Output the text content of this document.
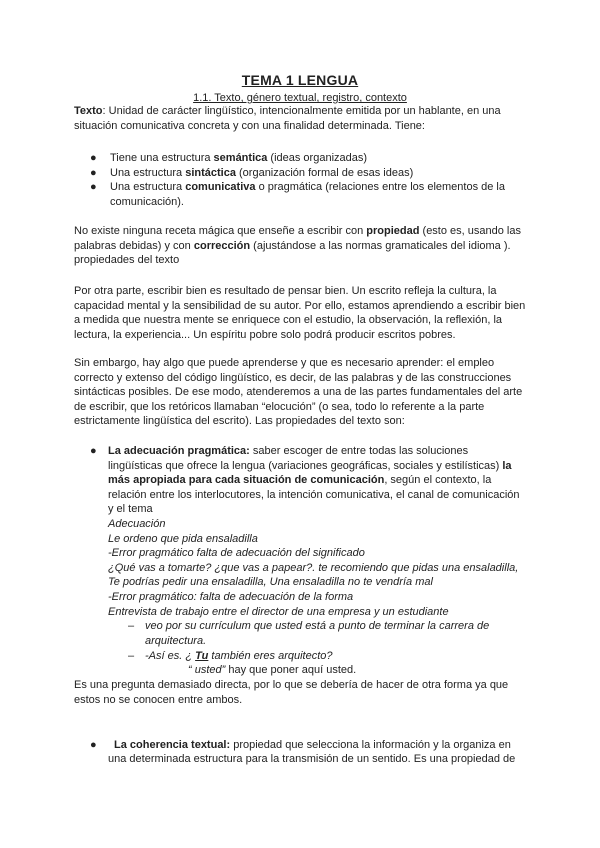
TEMA 1 LENGUA
1.1. Texto, género textual, registro, contexto
Texto: Unidad de carácter lingüístico, intencionalmente emitida por un hablante, en una
situación comunicativa concreta y con una finalidad determinada. Tiene:
● Tiene una estructura semántica (ideas organizadas)
● Una estructura sintáctica (organización formal de esas ideas)
● Una estructura comunicativa o pragmática (relaciones entre los elementos de la
comunicación).
No existe ninguna receta mágica que enseñe a escribir con propiedad (esto es, usando las
palabras debidas) y con corrección (ajustándose a las normas gramaticales del idioma ).
propiedades del texto
Por otra parte, escribir bien es resultado de pensar bien. Un escrito refleja la cultura, la
capacidad mental y la sensibilidad de su autor. Por ello, estamos aprendiendo a escribir bien
a medida que nuestra mente se enriquece con el estudio, la observación, la reflexión, la
lectura, la experiencia... Un espíritu pobre solo podrá producir escritos pobres.
Sin embargo, hay algo que puede aprenderse y que es necesario aprender: el empleo
correcto y extenso del código lingüístico, es decir, de las palabras y de las construcciones
sintácticas posibles. De ese modo, atenderemos a una de las partes fundamentales del arte
de escribir, que los retóricos llamaban “elocución” (o sea, todo lo referente a la parte
estrictamente lingüística del escrito). Las propiedades del texto son:
● La adecuación pragmática: saber escoger de entre todas las soluciones
lingüísticas que ofrece la lengua (variaciones geográficas, sociales y estilísticas) la
más apropiada para cada situación de comunicación, según el contexto, la
relación entre los interlocutores, la intención comunicativa, el canal de comunicación
y el tema
Adecuación
Le ordeno que pida ensaladilla
-Error pragmático falta de adecuación del significado
¿Qué vas a tomarte? ¿que vas a papear?. te recomiendo que pidas una ensaladilla,
Te podrías pedir una ensaladilla, Una ensaladilla no te vendría mal
-Error pragmático: falta de adecuación de la forma
Entrevista de trabajo entre el director de una empresa y un estudiante
– veo por su currículum que usted está a punto de terminar la carrera de
arquitectura.
– -Así es. ¿ Tu también eres arquitecto?
“ usted” hay que poner aquí usted.
Es una pregunta demasiado directa, por lo que se debería de hacer de otra forma ya que
estos no se conocen entre ambos.
● La coherencia textual: propiedad que selecciona la información y la organiza en
una determinada estructura para la transmisión de un sentido. Es una propiedad de
